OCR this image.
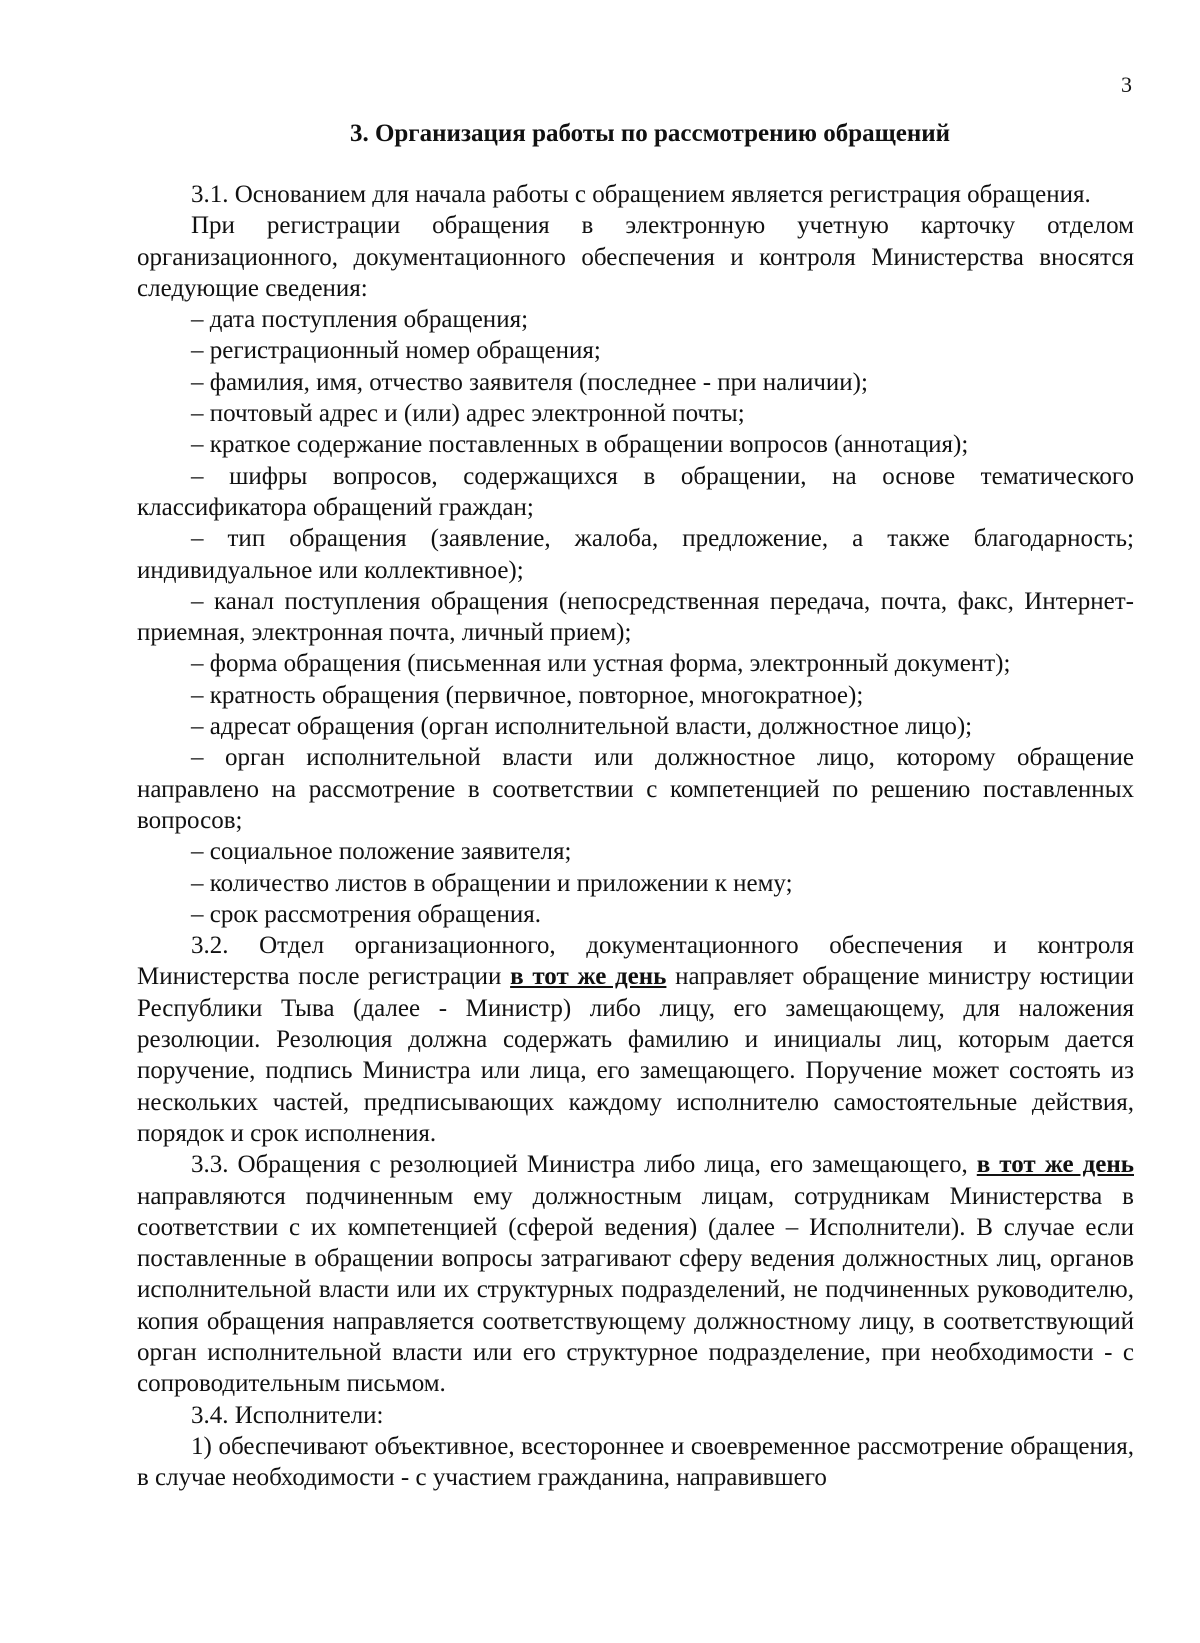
3
3. Организация работы по рассмотрению обращений

3.1. Основанием для начала работы с обращением является регистрация обращения.

При регистрации обращения в электронную учетную карточку отделом организационного, документационного обеспечения и контроля Министерства вносятся следующие сведения:

– дата поступления обращения;

– регистрационный номер обращения;

– фамилия, имя, отчество заявителя (последнее - при наличии);

– почтовый адрес и (или) адрес электронной почты;

– краткое содержание поставленных в обращении вопросов (аннотация);

– шифры вопросов, содержащихся в обращении, на основе тематического классификатора обращений граждан;

– тип обращения (заявление, жалоба, предложение, а также благодарность; индивидуальное или коллективное);

– канал поступления обращения (непосредственная передача, почта, факс, Интернет-приемная, электронная почта, личный прием);

– форма обращения (письменная или устная форма, электронный документ);

– кратность обращения (первичное, повторное, многократное);

– адресат обращения (орган исполнительной власти, должностное лицо);

– орган исполнительной власти или должностное лицо, которому обращение направлено на рассмотрение в соответствии с компетенцией по решению поставленных вопросов;

– социальное положение заявителя;

– количество листов в обращении и приложении к нему;

– срок рассмотрения обращения.

3.2. Отдел организационного, документационного обеспечения и контроля Министерства после регистрации в тот же день направляет обращение министру юстиции Республики Тыва (далее - Министр) либо лицу, его замещающему, для наложения резолюции. Резолюция должна содержать фамилию и инициалы лиц, которым дается поручение, подпись Министра или лица, его замещающего. Поручение может состоять из нескольких частей, предписывающих каждому исполнителю самостоятельные действия, порядок и срок исполнения.

3.3. Обращения с резолюцией Министра либо лица, его замещающего, в тот же день направляются подчиненным ему должностным лицам, сотрудникам Министерства в соответствии с их компетенцией (сферой ведения) (далее – Исполнители). В случае если поставленные в обращении вопросы затрагивают сферу ведения должностных лиц, органов исполнительной власти или их структурных подразделений, не подчиненных руководителю, копия обращения направляется соответствующему должностному лицу, в соответствующий орган исполнительной власти или его структурное подразделение, при необходимости - с сопроводительным письмом.

3.4. Исполнители:

1) обеспечивают объективное, всестороннее и своевременное рассмотрение обращения, в случае необходимости - с участием гражданина, направившего
